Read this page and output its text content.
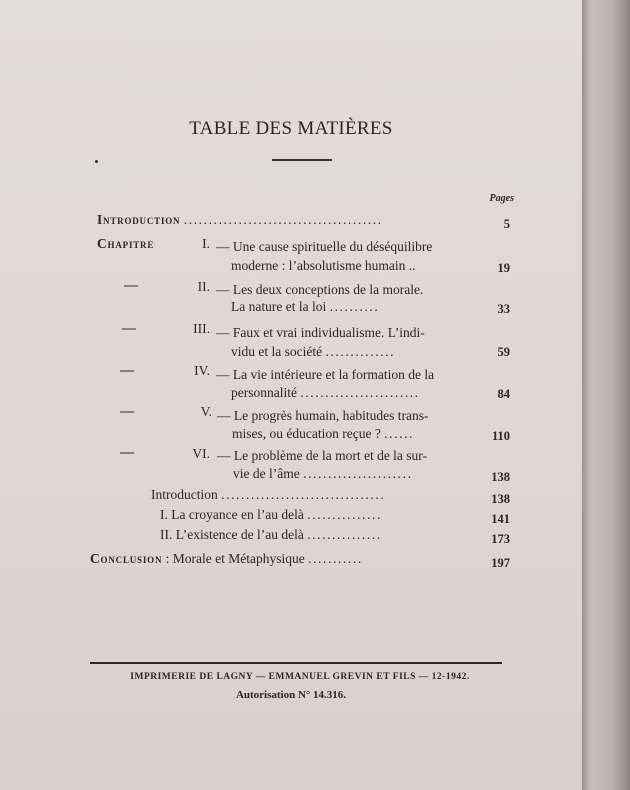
TABLE DES MATIÈRES
Pages
Introduction ........................................	5
Chapitre	I. — Une cause spirituelle du déséquilibre
moderne : l’absolutisme humain ..	19
—	II. — Les deux conceptions de la morale.
La nature et la loi ..........	33
—	III. — Faux et vrai individualisme. L’indi-
vidu et la société ..............	59
—	IV. — La vie intérieure et la formation de la
personnalité ........................	84
—	V. — Le progrès humain, habitudes trans-
mises, ou éducation reçue ? ......	110
—	VI. — Le problème de la mort et de la sur-
vie de l’âme ......................	138
Introduction .................................	138
I. La croyance en l’au delà ...............	141
II. L’existence de l’au delà ...............	173
Conclusion : Morale et Métaphysique ...........	197
IMPRIMERIE DE LAGNY — EMMANUEL GREVIN ET FILS — 12-1942.
Autorisation N° 14.316.
